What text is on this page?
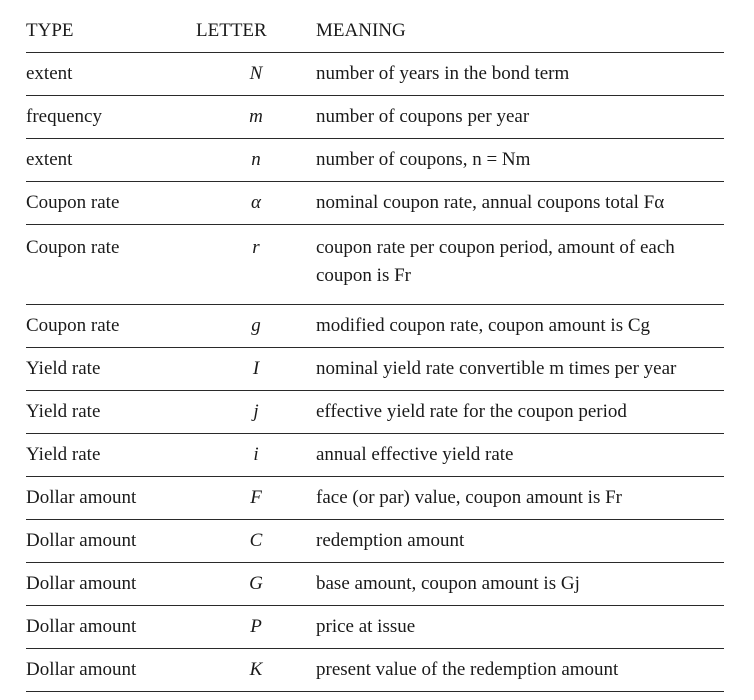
TYPE	LETTER	MEANING
extent	N	number of years in the bond term
frequency	m	number of coupons per year
extent	n	number of coupons, n = Nm
Coupon rate	α	nominal coupon rate, annual coupons total Fα
Coupon rate	r	coupon rate per coupon period, amount of each coupon is Fr
Coupon rate	g	modified coupon rate, coupon amount is Cg
Yield rate	I	nominal yield rate convertible m times per year
Yield rate	j	effective yield rate for the coupon period
Yield rate	i	annual effective yield rate
Dollar amount	F	face (or par) value, coupon amount is Fr
Dollar amount	C	redemption amount
Dollar amount	G	base amount, coupon amount is Gj
Dollar amount	P	price at issue
Dollar amount	K	present value of the redemption amount
